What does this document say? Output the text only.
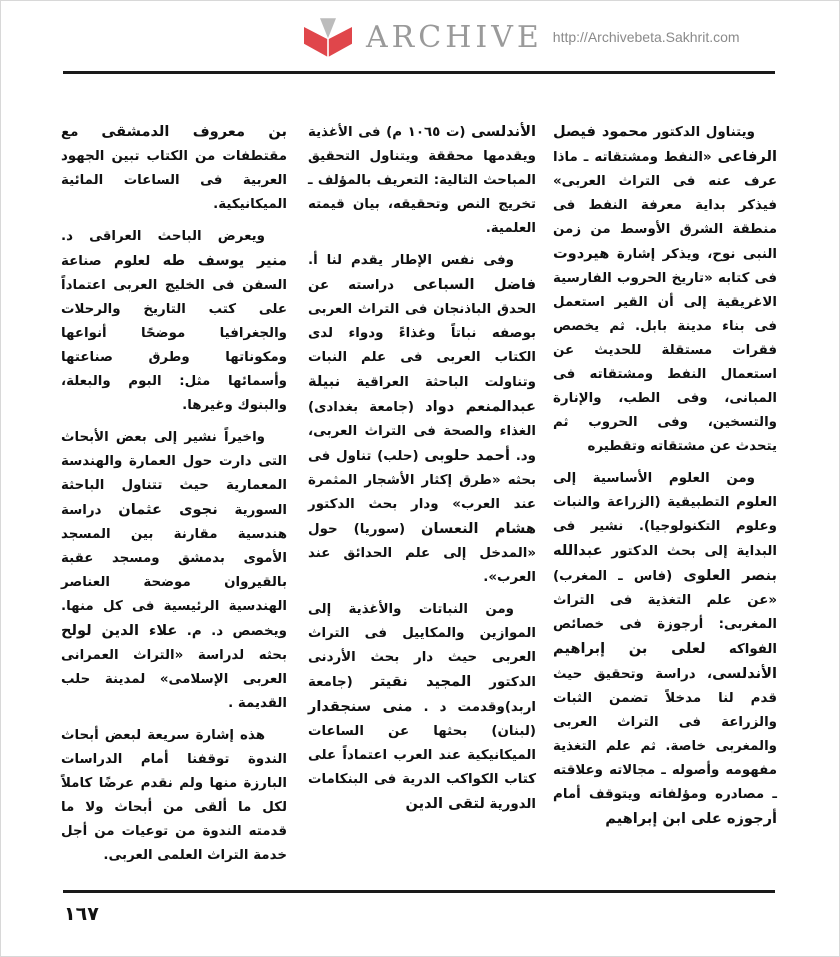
ARCHIVE http://Archivebeta.Sakhrit.com

ويتناول الدكتور محمود فيصل الرفاعى «النفط ومشتقاته ـ ماذا عرف عنه فى التراث العربى» فيذكر بداية معرفة النفط فى منطقة الشرق الأوسط من زمن النبى نوح، ويذكر إشارة هيردوت فى كتابه «تاريخ الحروب الفارسية الاغريقية إلى أن القير استعمل فى بناء مدينة بابل. ثم يخصص فقرات مستقلة للحديث عن استعمال النفط ومشتقاته فى المبانى، وفى الطب، والإنارة والتسخين، وفى الحروب ثم يتحدث عن مشتقاته وتقطيره

ومن العلوم الأساسية إلى العلوم التطبيقية (الزراعة والنبات وعلوم التكنولوجيا). نشير فى البداية إلى بحث الدكتور عبدالله بنصر العلوى (فاس ـ المغرب) «عن علم التغذية فى التراث المغربى: أرجوزة فى خصائص الفواكه لعلى بن إبراهيم الأندلسى، دراسة وتحقيق حيث قدم لنا مدخلاً تضمن الثبات والزراعة فى التراث العربى والمغربى خاصة. ثم علم التغذية مفهومه وأصوله ـ مجالاته وعلاقته ـ مصادره ومؤلفاته ويتوقف أمام أرجوزه على ابن إبراهيم

الأندلسى (ت ١٠٦٥ م) فى الأغذية ويقدمها محققة ويتناول التحقيق المباحث التالية: التعريف بالمؤلف ـ تخريج النص وتحقيقه، بيان قيمته العلمية.

وفى نفس الإطار يقدم لنا أ. فاضل السباعى دراسته عن الحدق الباذنجان فى التراث العربى بوصفه نباتاً وغذاءً ودواء لدى الكتاب العربى فى علم النبات وتناولت الباحثة العراقية نبيلة عبدالمنعم دواد (جامعة بغدادى) الغذاء والصحة فى التراث العربى، ود. أحمد حلوبى (حلب) تناول فى بحثه «طرق إكثار الأشجار المثمرة عند العرب» ودار بحث الدكتور هشام النعسان (سوريا) حول «المدخل إلى علم الحدائق عند العرب».

ومن النباتات والأغذية إلى الموازين والمكاييل فى التراث العربى حيث دار بحث الأردنى الدكتور المجيد نقيتر (جامعة اربد)وقدمت د . منى سنجقدار (لبنان) بحثها عن الساعات الميكانيكية عند العرب اعتماداً على كتاب الكواكب الدرية فى البنكامات الدورية لتقى الدين

بن معروف الدمشقى مع مقتطفات من الكتاب تبين الجهود العربية فى الساعات المائية الميكانيكية.

ويعرض الباحث العراقى د. منير يوسف طه لعلوم صناعة السفن فى الخليج العربى اعتماداً على كتب التاريخ والرحلات والجغرافيا موضحًا أنواعها ومكوناتها وطرق صناعتها وأسمائها مثل: البوم والبعلة، والبنوك وغيرها.

واخيراً نشير إلى بعض الأبحاث التى دارت حول العمارة والهندسة المعمارية حيث تتناول الباحثة السورية نجوى عثمان دراسة هندسية مقارنة بين المسجد الأموى بدمشق ومسجد عقبة بالقيروان موضحة العناصر الهندسية الرئيسية فى كل منها. ويخصص د. م. علاء الدين لولح بحثه لدراسة «التراث العمرانى العربى الإسلامى» لمدينة حلب القديمة .

هذه إشارة سريعة لبعض أبحاث الندوة توقفنا أمام الدراسات البارزة منها ولم نقدم عرضًا كاملاً لكل ما ألقى من أبحاث ولا ما قدمته الندوة من توعيات من أجل خدمة التراث العلمى العربى.

١٦٧
